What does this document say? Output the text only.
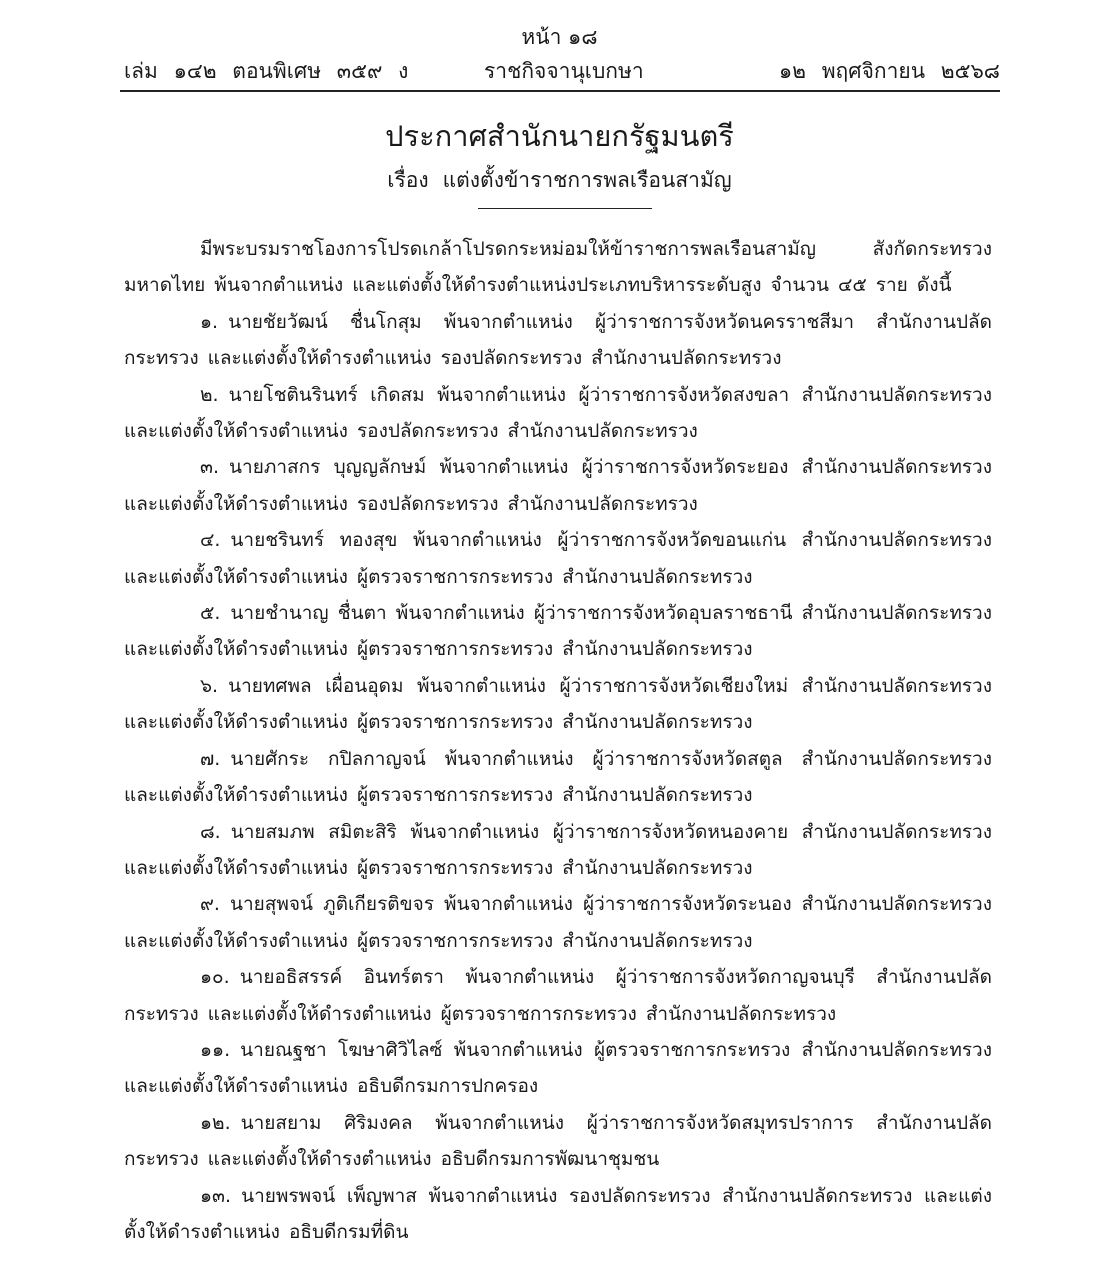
หน้า ๑๘
เล่ม ๑๔๒ ตอนพิเศษ ๓๕๙ ง	ราชกิจจานุเบกษา	๑๒ พฤศจิกายน ๒๕๖๘
ประกาศสำนักนายกรัฐมนตรี
เรื่อง แต่งตั้งข้าราชการพลเรือนสามัญ

มีพระบรมราชโองการโปรดเกล้าโปรดกระหม่อมให้ข้าราชการพลเรือนสามัญ สังกัดกระทรวงมหาดไทย พ้นจากตำแหน่ง และแต่งตั้งให้ดำรงตำแหน่งประเภทบริหารระดับสูง จำนวน ๔๕ ราย ดังนี้

๑. นายชัยวัฒน์ ชื่นโกสุม พ้นจากตำแหน่ง ผู้ว่าราชการจังหวัดนครราชสีมา สำนักงานปลัดกระทรวง และแต่งตั้งให้ดำรงตำแหน่ง รองปลัดกระทรวง สำนักงานปลัดกระทรวง

๒. นายโชตินรินทร์ เกิดสม พ้นจากตำแหน่ง ผู้ว่าราชการจังหวัดสงขลา สำนักงานปลัดกระทรวง และแต่งตั้งให้ดำรงตำแหน่ง รองปลัดกระทรวง สำนักงานปลัดกระทรวง

๓. นายภาสกร บุญญลักษม์ พ้นจากตำแหน่ง ผู้ว่าราชการจังหวัดระยอง สำนักงานปลัดกระทรวง และแต่งตั้งให้ดำรงตำแหน่ง รองปลัดกระทรวง สำนักงานปลัดกระทรวง

๔. นายชรินทร์ ทองสุข พ้นจากตำแหน่ง ผู้ว่าราชการจังหวัดขอนแก่น สำนักงานปลัดกระทรวง และแต่งตั้งให้ดำรงตำแหน่ง ผู้ตรวจราชการกระทรวง สำนักงานปลัดกระทรวง

๕. นายชำนาญ ชื่นตา พ้นจากตำแหน่ง ผู้ว่าราชการจังหวัดอุบลราชธานี สำนักงานปลัดกระทรวง และแต่งตั้งให้ดำรงตำแหน่ง ผู้ตรวจราชการกระทรวง สำนักงานปลัดกระทรวง

๖. นายทศพล เผื่อนอุดม พ้นจากตำแหน่ง ผู้ว่าราชการจังหวัดเชียงใหม่ สำนักงานปลัดกระทรวง และแต่งตั้งให้ดำรงตำแหน่ง ผู้ตรวจราชการกระทรวง สำนักงานปลัดกระทรวง

๗. นายศักระ กปิลกาญจน์ พ้นจากตำแหน่ง ผู้ว่าราชการจังหวัดสตูล สำนักงานปลัดกระทรวง และแต่งตั้งให้ดำรงตำแหน่ง ผู้ตรวจราชการกระทรวง สำนักงานปลัดกระทรวง

๘. นายสมภพ สมิตะสิริ พ้นจากตำแหน่ง ผู้ว่าราชการจังหวัดหนองคาย สำนักงานปลัดกระทรวง และแต่งตั้งให้ดำรงตำแหน่ง ผู้ตรวจราชการกระทรวง สำนักงานปลัดกระทรวง

๙. นายสุพจน์ ภูติเกียรติขจร พ้นจากตำแหน่ง ผู้ว่าราชการจังหวัดระนอง สำนักงานปลัดกระทรวง และแต่งตั้งให้ดำรงตำแหน่ง ผู้ตรวจราชการกระทรวง สำนักงานปลัดกระทรวง

๑๐. นายอธิสรรค์ อินทร์ตรา พ้นจากตำแหน่ง ผู้ว่าราชการจังหวัดกาญจนบุรี สำนักงานปลัดกระทรวง และแต่งตั้งให้ดำรงตำแหน่ง ผู้ตรวจราชการกระทรวง สำนักงานปลัดกระทรวง

๑๑. นายณฐชา โฆษาศิวิไลซ์ พ้นจากตำแหน่ง ผู้ตรวจราชการกระทรวง สำนักงานปลัดกระทรวง และแต่งตั้งให้ดำรงตำแหน่ง อธิบดีกรมการปกครอง

๑๒. นายสยาม ศิริมงคล พ้นจากตำแหน่ง ผู้ว่าราชการจังหวัดสมุทรปราการ สำนักงานปลัดกระทรวง และแต่งตั้งให้ดำรงตำแหน่ง อธิบดีกรมการพัฒนาชุมชน

๑๓. นายพรพจน์ เพ็ญพาส พ้นจากตำแหน่ง รองปลัดกระทรวง สำนักงานปลัดกระทรวง และแต่งตั้งให้ดำรงตำแหน่ง อธิบดีกรมที่ดิน
